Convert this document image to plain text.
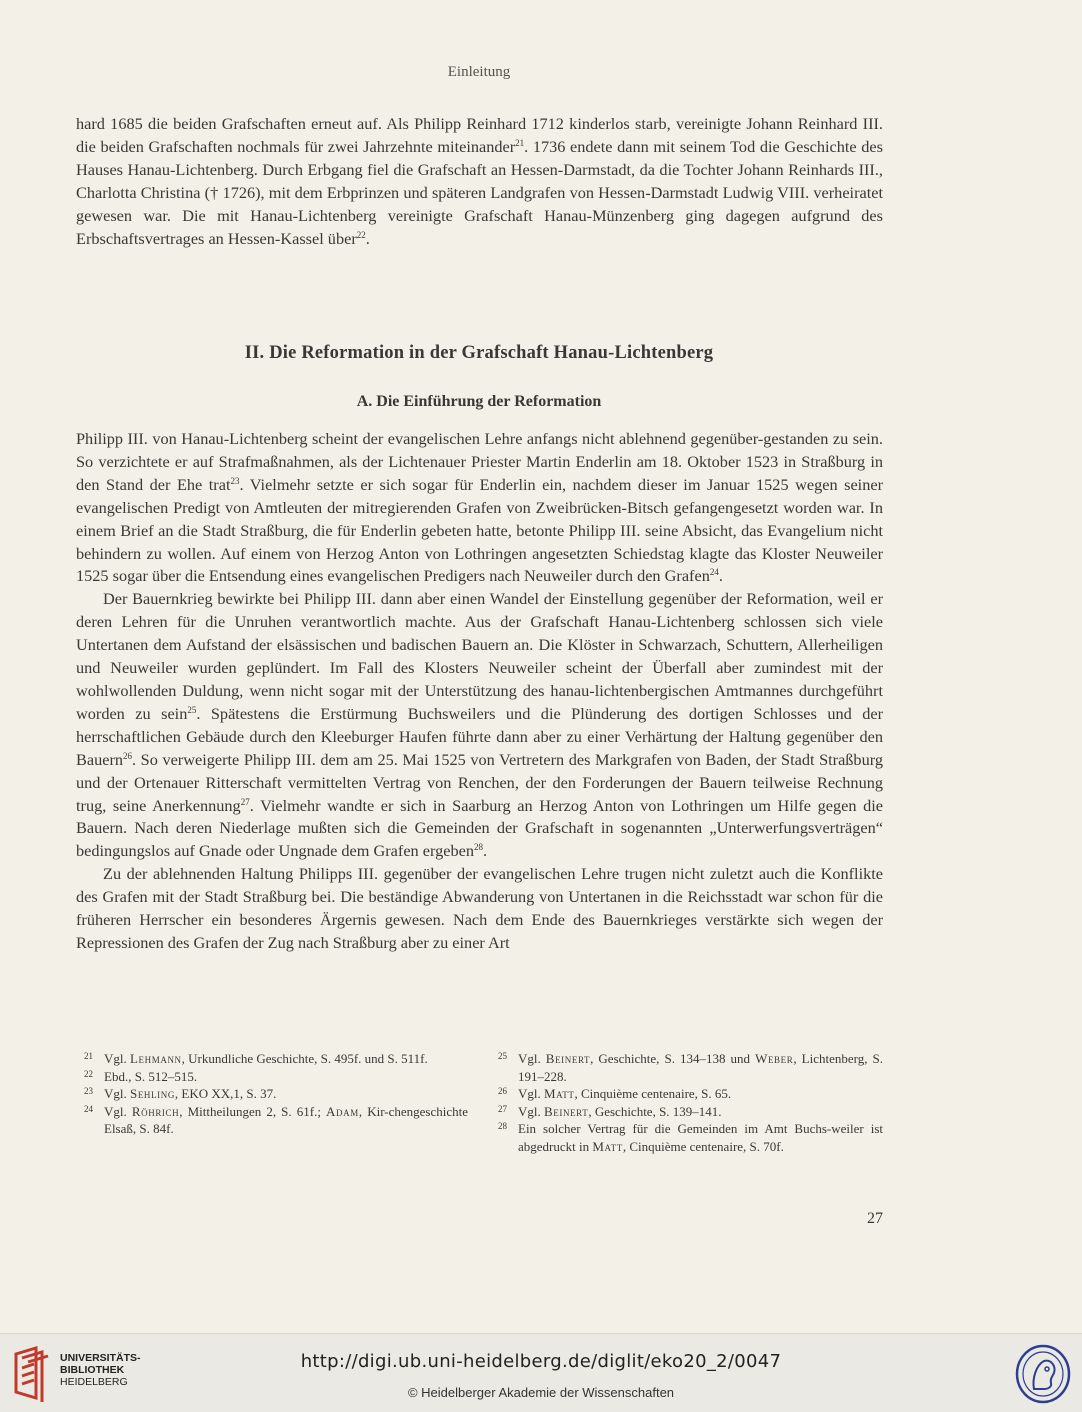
Einleitung

hard 1685 die beiden Grafschaften erneut auf. Als Philipp Reinhard 1712 kinderlos starb, vereinigte Johann Reinhard III. die beiden Grafschaften nochmals für zwei Jahrzehnte miteinander$^{21}$. 1736 endete dann mit seinem Tod die Geschichte des Hauses Hanau-Lichtenberg. Durch Erbgang fiel die Grafschaft an Hessen-Darmstadt, da die Tochter Johann Reinhards III., Charlotta Christina († 1726), mit dem Erbprinzen und späteren Landgrafen von Hessen-Darmstadt Ludwig VIII. verheiratet gewesen war. Die mit Hanau-Lichtenberg vereinigte Grafschaft Hanau-Münzenberg ging dagegen aufgrund des Erbschaftsvertrages an Hessen-Kassel über$^{22}$.

II. Die Reformation in der Grafschaft Hanau-Lichtenberg
A. Die Einführung der Reformation

Philipp III. von Hanau-Lichtenberg scheint der evangelischen Lehre anfangs nicht ablehnend gegenüber-gestanden zu sein. So verzichtete er auf Strafmaßnahmen, als der Lichtenauer Priester Martin Enderlin am 18. Oktober 1523 in Straßburg in den Stand der Ehe trat$^{23}$. Vielmehr setzte er sich sogar für Enderlin ein, nachdem dieser im Januar 1525 wegen seiner evangelischen Predigt von Amtleuten der mitregierenden Grafen von Zweibrücken-Bitsch gefangengesetzt worden war. In einem Brief an die Stadt Straßburg, die für Enderlin gebeten hatte, betonte Philipp III. seine Absicht, das Evangelium nicht behindern zu wollen. Auf einem von Herzog Anton von Lothringen angesetzten Schiedstag klagte das Kloster Neuweiler 1525 sogar über die Entsendung eines evangelischen Predigers nach Neuweiler durch den Grafen$^{24}$.

Der Bauernkrieg bewirkte bei Philipp III. dann aber einen Wandel der Einstellung gegenüber der Reformation, weil er deren Lehren für die Unruhen verantwortlich machte. Aus der Grafschaft Hanau-Lichtenberg schlossen sich viele Untertanen dem Aufstand der elsässischen und badischen Bauern an. Die Klöster in Schwarzach, Schuttern, Allerheiligen und Neuweiler wurden geplündert. Im Fall des Klosters Neuweiler scheint der Überfall aber zumindest mit der wohlwollenden Duldung, wenn nicht sogar mit der Unterstützung des hanau-lichtenbergischen Amtmannes durchgeführt worden zu sein$^{25}$. Spätestens die Erstürmung Buchsweilers und die Plünderung des dortigen Schlosses und der herrschaftlichen Gebäude durch den Kleeburger Haufen führte dann aber zu einer Verhärtung der Haltung gegenüber den Bauern$^{26}$. So verweigerte Philipp III. dem am 25. Mai 1525 von Vertretern des Markgrafen von Baden, der Stadt Straßburg und der Ortenauer Ritterschaft vermittelten Vertrag von Renchen, der den Forderungen der Bauern teilweise Rechnung trug, seine Anerkennung$^{27}$. Vielmehr wandte er sich in Saarburg an Herzog Anton von Lothringen um Hilfe gegen die Bauern. Nach deren Niederlage mußten sich die Gemeinden der Grafschaft in sogenannten „Unterwerfungsverträgen“ bedingungslos auf Gnade oder Ungnade dem Grafen ergeben$^{28}$.

Zu der ablehnenden Haltung Philipps III. gegenüber der evangelischen Lehre trugen nicht zuletzt auch die Konflikte des Grafen mit der Stadt Straßburg bei. Die beständige Abwanderung von Untertanen in die Reichsstadt war schon für die früheren Herrscher ein besonderes Ärgernis gewesen. Nach dem Ende des Bauernkrieges verstärkte sich wegen der Repressionen des Grafen der Zug nach Straßburg aber zu einer Art

21 Vgl. Lehmann, Urkundliche Geschichte, S. 495f. und S. 511f.
22 Ebd., S. 512–515.
23 Vgl. Sehling, EKO XX,1, S. 37.
24 Vgl. Röhrich, Mittheilungen 2, S. 61f.; Adam, Kir-chengeschichte Elsaß, S. 84f.
25 Vgl. Beinert, Geschichte, S. 134–138 und Weber, Lichtenberg, S. 191–228.
26 Vgl. Matt, Cinquième centenaire, S. 65.
27 Vgl. Beinert, Geschichte, S. 139–141.
28 Ein solcher Vertrag für die Gemeinden im Amt Buchs-weiler ist abgedruckt in Matt, Cinquième centenaire, S. 70f.
27
UNIVERSITÄTS-
BIBLIOTHEK
HEIDELBERG
http://digi.ub.uni-heidelberg.de/diglit/eko20_2/0047
© Heidelberger Akademie der Wissenschaften
